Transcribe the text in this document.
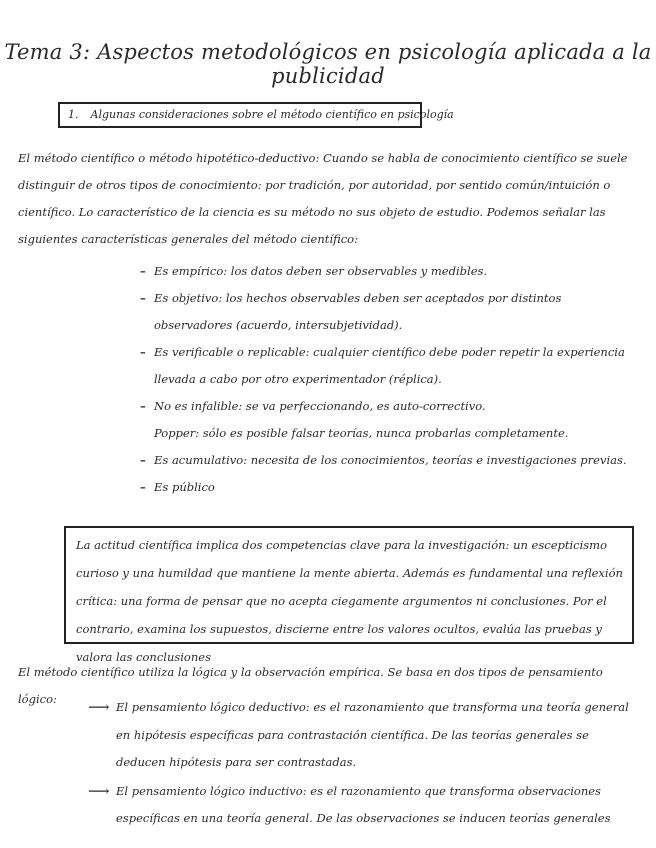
Tema 3: Aspectos metodológicos en psicología aplicada a la publicidad
1. Algunas consideraciones sobre el método científico en psicología

El método científico o método hipotético-deductivo: Cuando se habla de conocimiento científico se suele distinguir de otros tipos de conocimiento: por tradición, por autoridad, por sentido común/intuición o científico. Lo característico de la ciencia es su método no sus objeto de estudio. Podemos señalar las siguientes características generales del método científico:

– Es empírico: los datos deben ser observables y medibles.
– Es objetivo: los hechos observables deben ser aceptados por distintos observadores (acuerdo, intersubjetividad).
– Es verificable o replicable: cualquier científico debe poder repetir la experiencia llevada a cabo por otro experimentador (réplica).
– No es infalible: se va perfeccionando, es auto-correctivo.
Popper: sólo es posible falsar teorías, nunca probarlas completamente.
– Es acumulativo: necesita de los conocimientos, teorías e investigaciones previas.
– Es público

La actitud científica implica dos competencias clave para la investigación: un escepticismo curioso y una humildad que mantiene la mente abierta. Además es fundamental una reflexión crítica: una forma de pensar que no acepta ciegamente argumentos ni conclusiones. Por el contrario, examina los supuestos, discierne entre los valores ocultos, evalúa las pruebas y valora las conclusiones

El método científico utiliza la lógica y la observación empírica. Se basa en dos tipos de pensamiento lógico:	⟶ El pensamiento lógico deductivo: es el razonamiento que transforma una teoría general en hipótesis específicas para contrastación científica. De las teorías generales se deducen hipótesis para ser contrastadas.
⟶ El pensamiento lógico inductivo: es el razonamiento que transforma observaciones específicas en una teoría general. De las observaciones se inducen teorías generales
